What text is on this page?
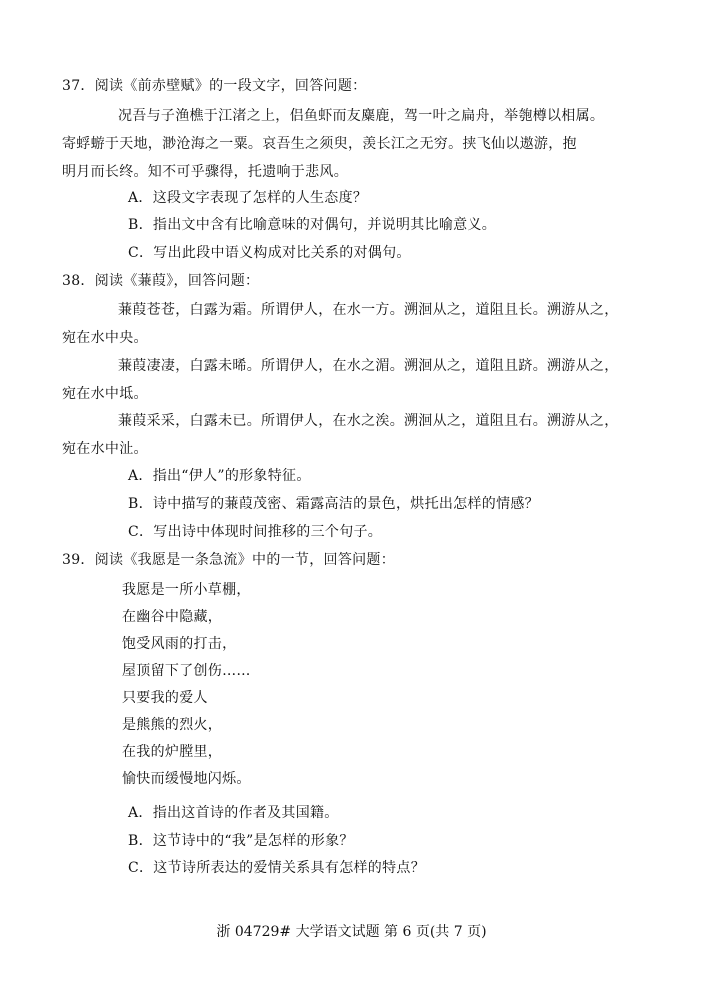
37．阅读《前赤壁赋》的一段文字，回答问题：
况吾与子渔樵于江渚之上，侣鱼虾而友麋鹿，驾一叶之扁舟，举匏樽以相属。
寄蜉蝣于天地，渺沧海之一粟。哀吾生之须臾，羡长江之无穷。挟飞仙以遨游，抱
明月而长终。知不可乎骤得，托遗响于悲风。
A．这段文字表现了怎样的人生态度？
B．指出文中含有比喻意味的对偶句，并说明其比喻意义。
C．写出此段中语义构成对比关系的对偶句。
38．阅读《蒹葭》，回答问题：
蒹葭苍苍，白露为霜。所谓伊人，在水一方。溯洄从之，道阻且长。溯游从之，
宛在水中央。
蒹葭凄凄，白露未晞。所谓伊人，在水之湄。溯洄从之，道阻且跻。溯游从之，
宛在水中坻。
蒹葭采采，白露未已。所谓伊人，在水之涘。溯洄从之，道阻且右。溯游从之，
宛在水中沚。
A．指出“伊人”的形象特征。
B．诗中描写的蒹葭茂密、霜露高洁的景色，烘托出怎样的情感？
C．写出诗中体现时间推移的三个句子。
39．阅读《我愿是一条急流》中的一节，回答问题：
我愿是一所小草棚，
在幽谷中隐藏，
饱受风雨的打击，
屋顶留下了创伤……
只要我的爱人
是熊熊的烈火，
在我的炉膛里，
愉快而缓慢地闪烁。
A．指出这首诗的作者及其国籍。
B．这节诗中的“我”是怎样的形象？
C．这节诗所表达的爱情关系具有怎样的特点？
浙 04729# 大学语文试题 第 6 页(共 7 页)
